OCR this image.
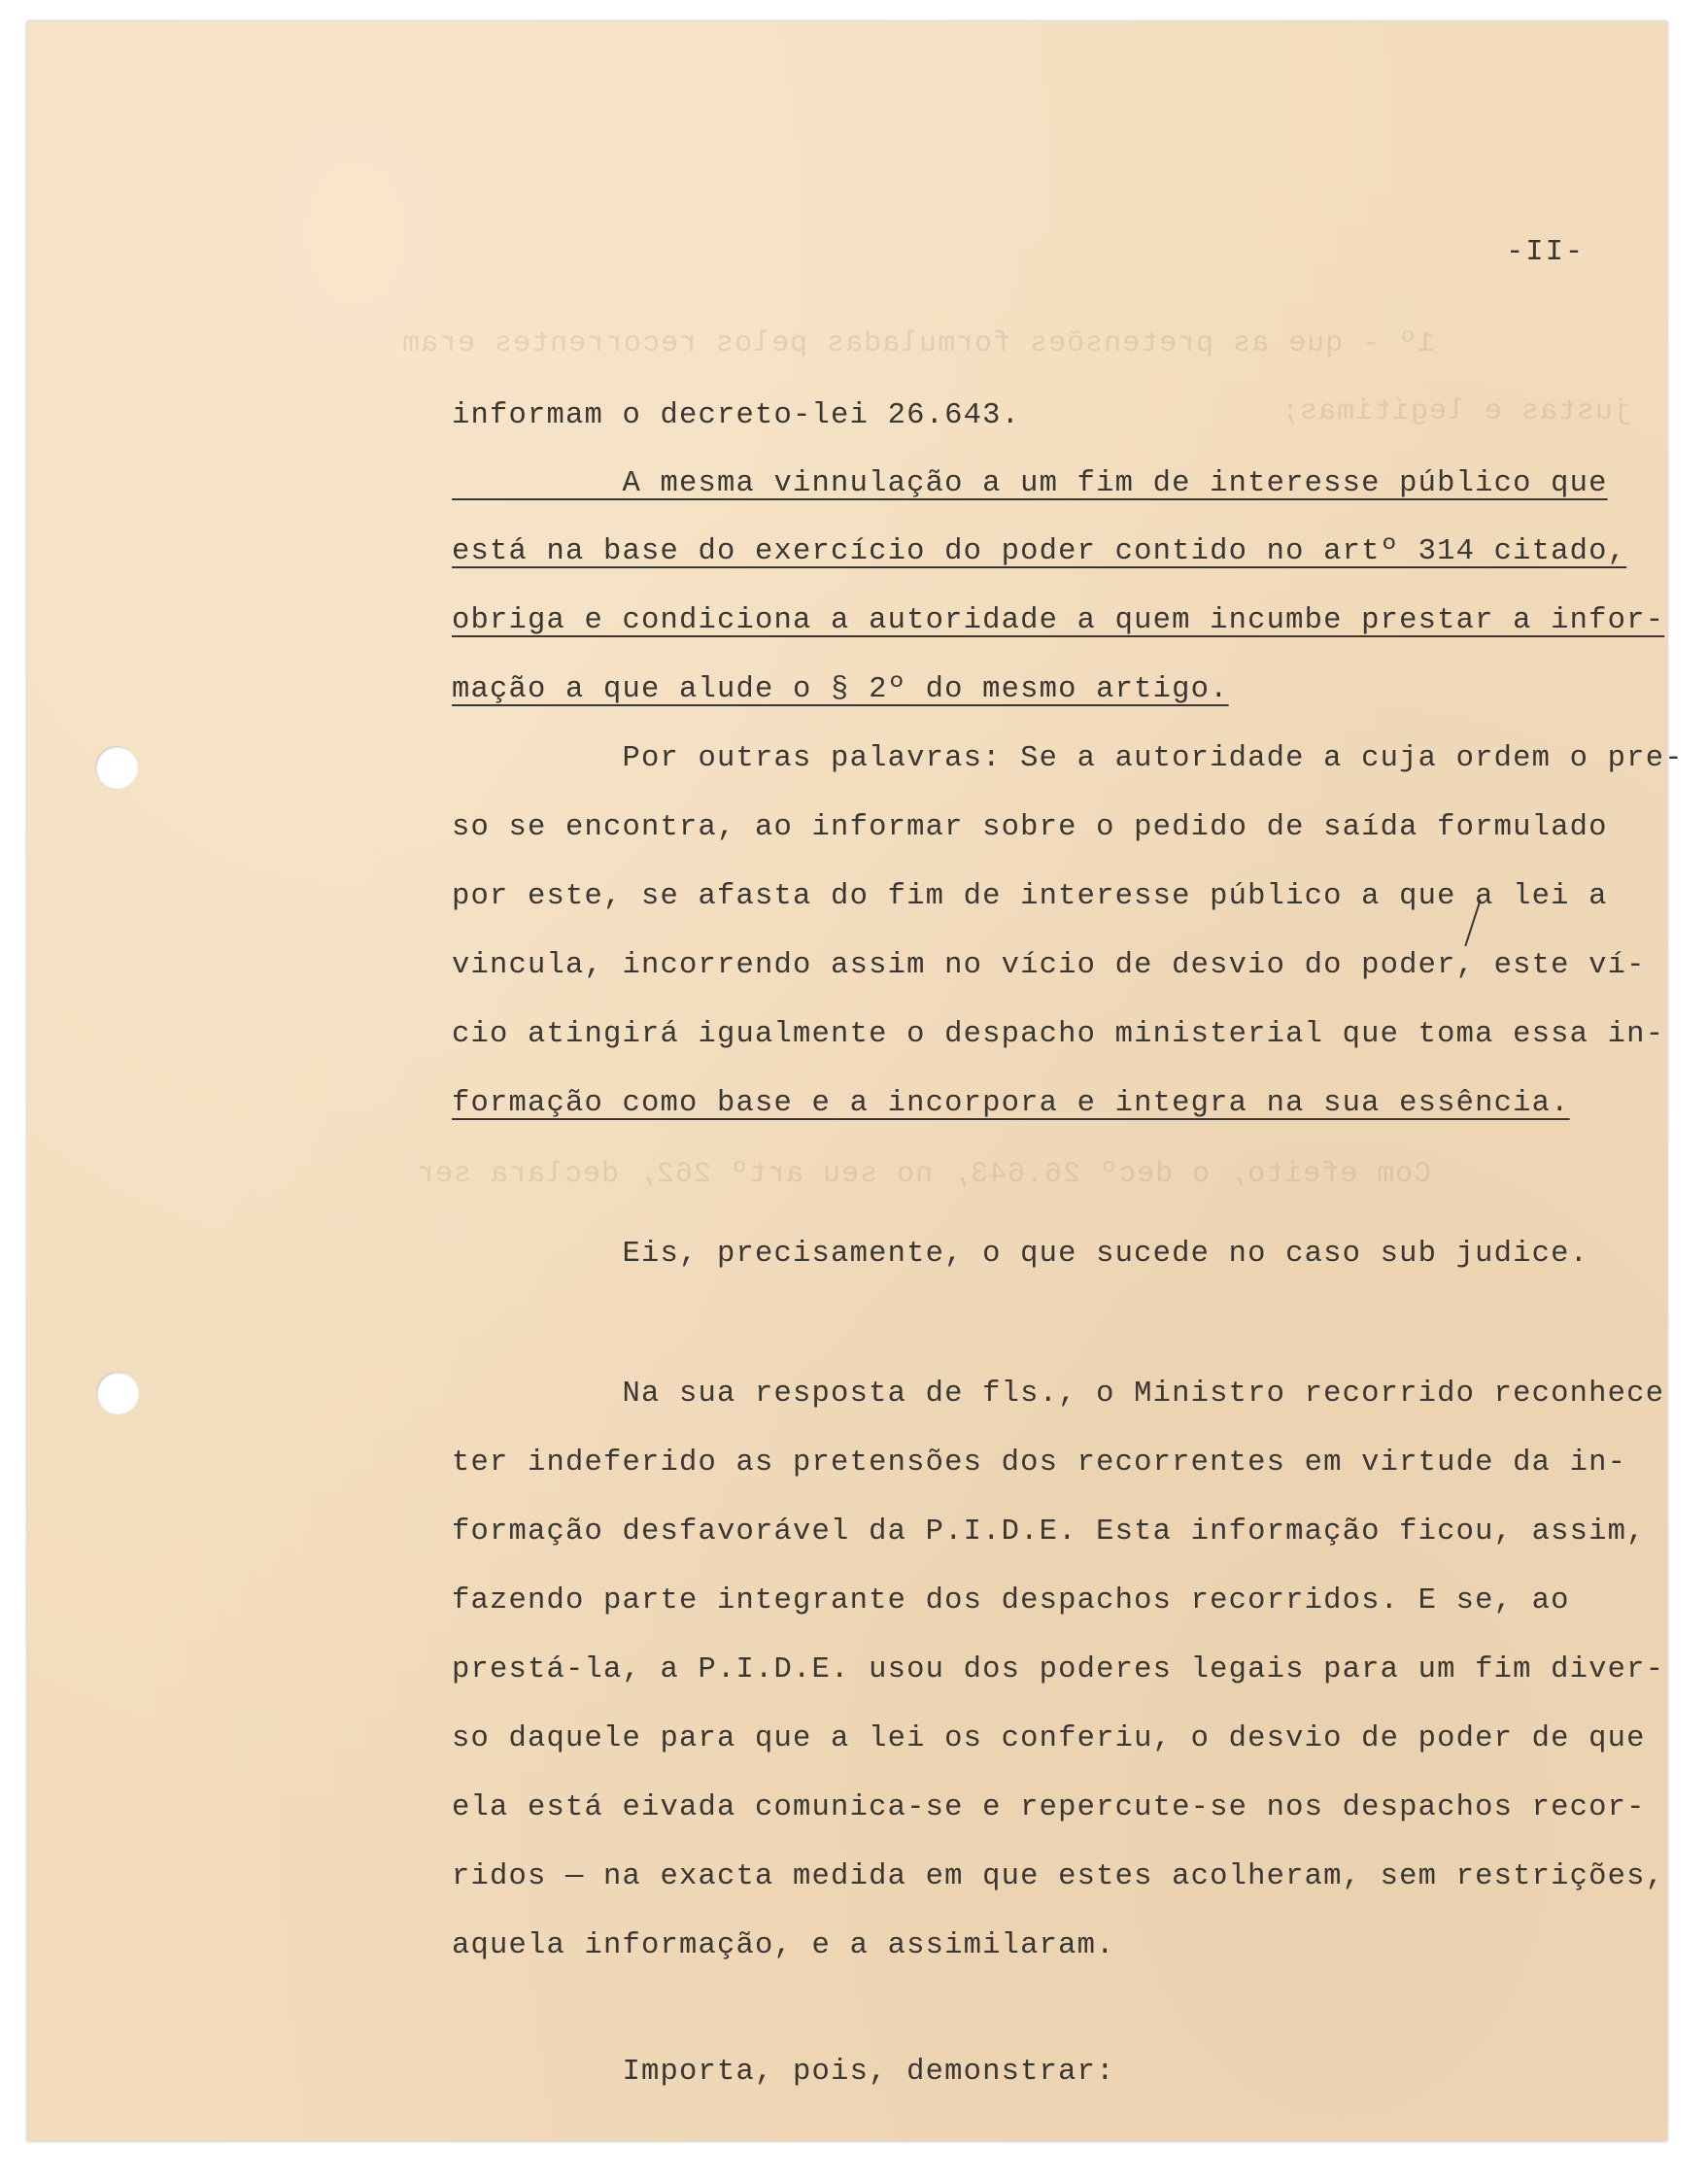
1º - que as pretensões formuladas pelos recorrentes eram
justas e legítimas;
Com efeito, o decº 26.643, no seu artº 262, declara ser
-II-

informam o decreto-lei 26.643.

A mesma vinnulação a um fim de interesse público que

está na base do exercício do poder contido no artº 314 citado,

obriga e condiciona a autoridade a quem incumbe prestar a infor-

mação a que alude o § 2º do mesmo artigo.

Por outras palavras: Se a autoridade a cuja ordem o pre-

so se encontra, ao informar sobre o pedido de saída formulado

por este, se afasta do fim de interesse público a que a lei a

vincula, incorrendo assim no vício de desvio do poder, este ví-

cio atingirá igualmente o despacho ministerial que toma essa in-

formação como base e a incorpora e integra na sua essência.

Eis, precisamente, o que sucede no caso sub judice.

Na sua resposta de fls., o Ministro recorrido reconhece

ter indeferido as pretensões dos recorrentes em virtude da in-

formação desfavorável da P.I.D.E. Esta informação ficou, assim,

fazendo parte integrante dos despachos recorridos. E se, ao

prestá-la, a P.I.D.E. usou dos poderes legais para um fim diver-

so daquele para que a lei os conferiu, o desvio de poder de que

ela está eivada comunica-se e repercute-se nos despachos recor-

ridos — na exacta medida em que estes acolheram, sem restrições,

aquela informação, e a assimilaram.

Importa, pois, demonstrar:
